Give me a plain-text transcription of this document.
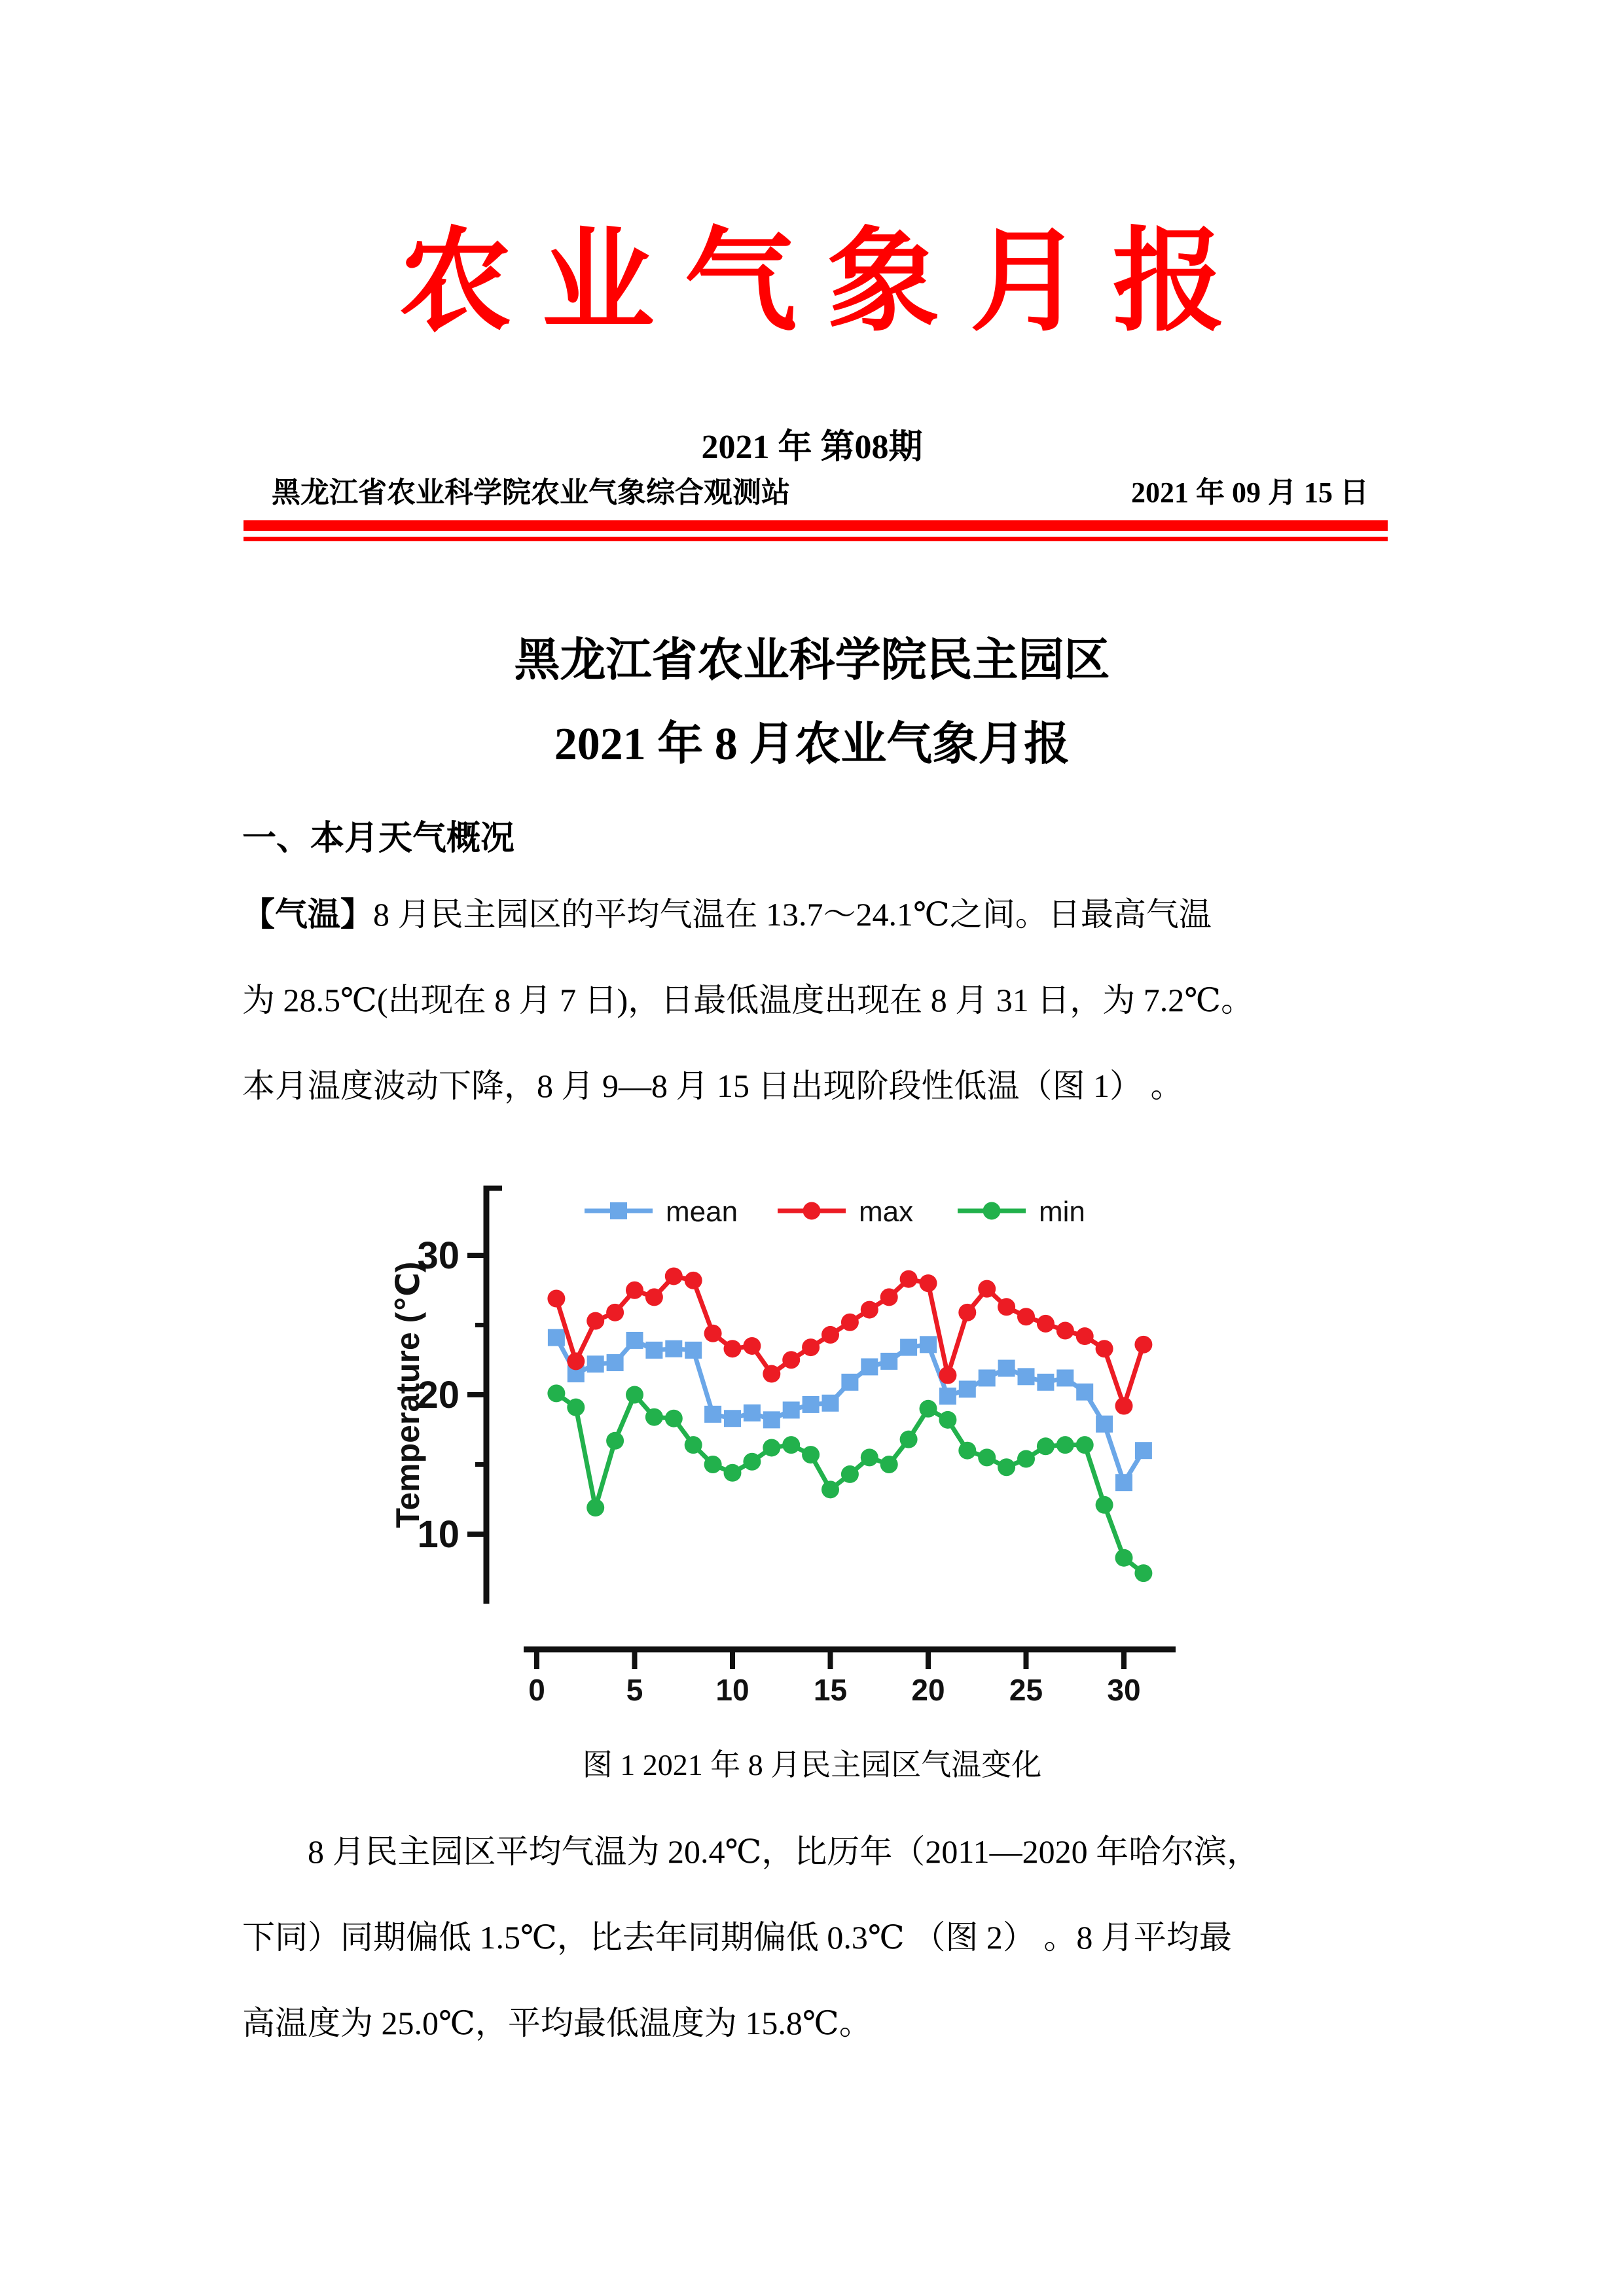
农业气象月报
2021 年 第08期
黑龙江省农业科学院农业气象综合观测站	2021 年 09 月 15 日
黑龙江省农业科学院民主园区
2021 年 8 月农业气象月报
一、本月天气概况
【气温】8 月民主园区的平均气温在 13.7～24.1℃之间。日最高气温
为 28.5℃(出现在 8 月 7 日)，日最低温度出现在 8 月 31 日，为 7.2℃。
本月温度波动下降，8 月 9—8 月 15 日出现阶段性低温（图 1） 。
mean	max	min
10
20
30
Temperature (℃)
0	5 10 15 20 25 30
图 1 2021 年 8 月民主园区气温变化
8 月民主园区平均气温为 20.4℃，比历年（2011—2020 年哈尔滨，
下同）同期偏低 1.5℃，比去年同期偏低 0.3℃ （图 2） 。8 月平均最
高温度为 25.0℃，平均最低温度为 15.8℃。
